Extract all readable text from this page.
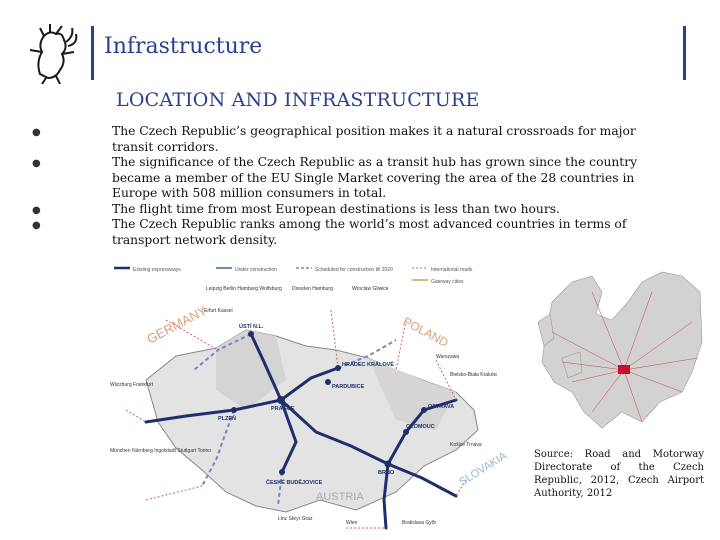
Infrastructure
LOCATION AND INFRASTRUCTURE
●	The Czech Republic’s geographical position makes it a natural crossroads for major transit corridors.
●	The significance of the Czech Republic as a transit hub has grown since the country became a member of the EU Single Market covering the area of the 28 countries in Europe with 508 million consumers in total.
●	The flight time from most European destinations is less than two hours.
●	The Czech Republic ranks among the world’s most advanced countries in terms of transport network density.
Existing expressways	Under construction	Scheduled for construction till 2020	International roads
Gateway cities
GERMANY	POLAND
AUSTRIA
SLOVAKIA
PRAGUE
BRNO
OSTRAVA
PLZEŇ
ÚSTÍ N.L.
HRADEC KRÁLOVÉ
PARDUBICE
OLOMOUC
ČESKÉ BUDĚJOVICE
Leipzig Berlin Hamburg Wolfsburg Dresden Hamburg	Wroclaw Gliwice
Erfurt Kassel
Würzburg Frankfurt
München Nürnberg Ingolstadt Stuttgart Torino
Warszawa
Bielsko-Biała Kraków
Košice Trnava
Linz Steyr Graz
Wien	Bratislava Győr
Source: Road and Motorway Directorate of the Czech Republic, 2012, Czech Airport Authority, 2012
